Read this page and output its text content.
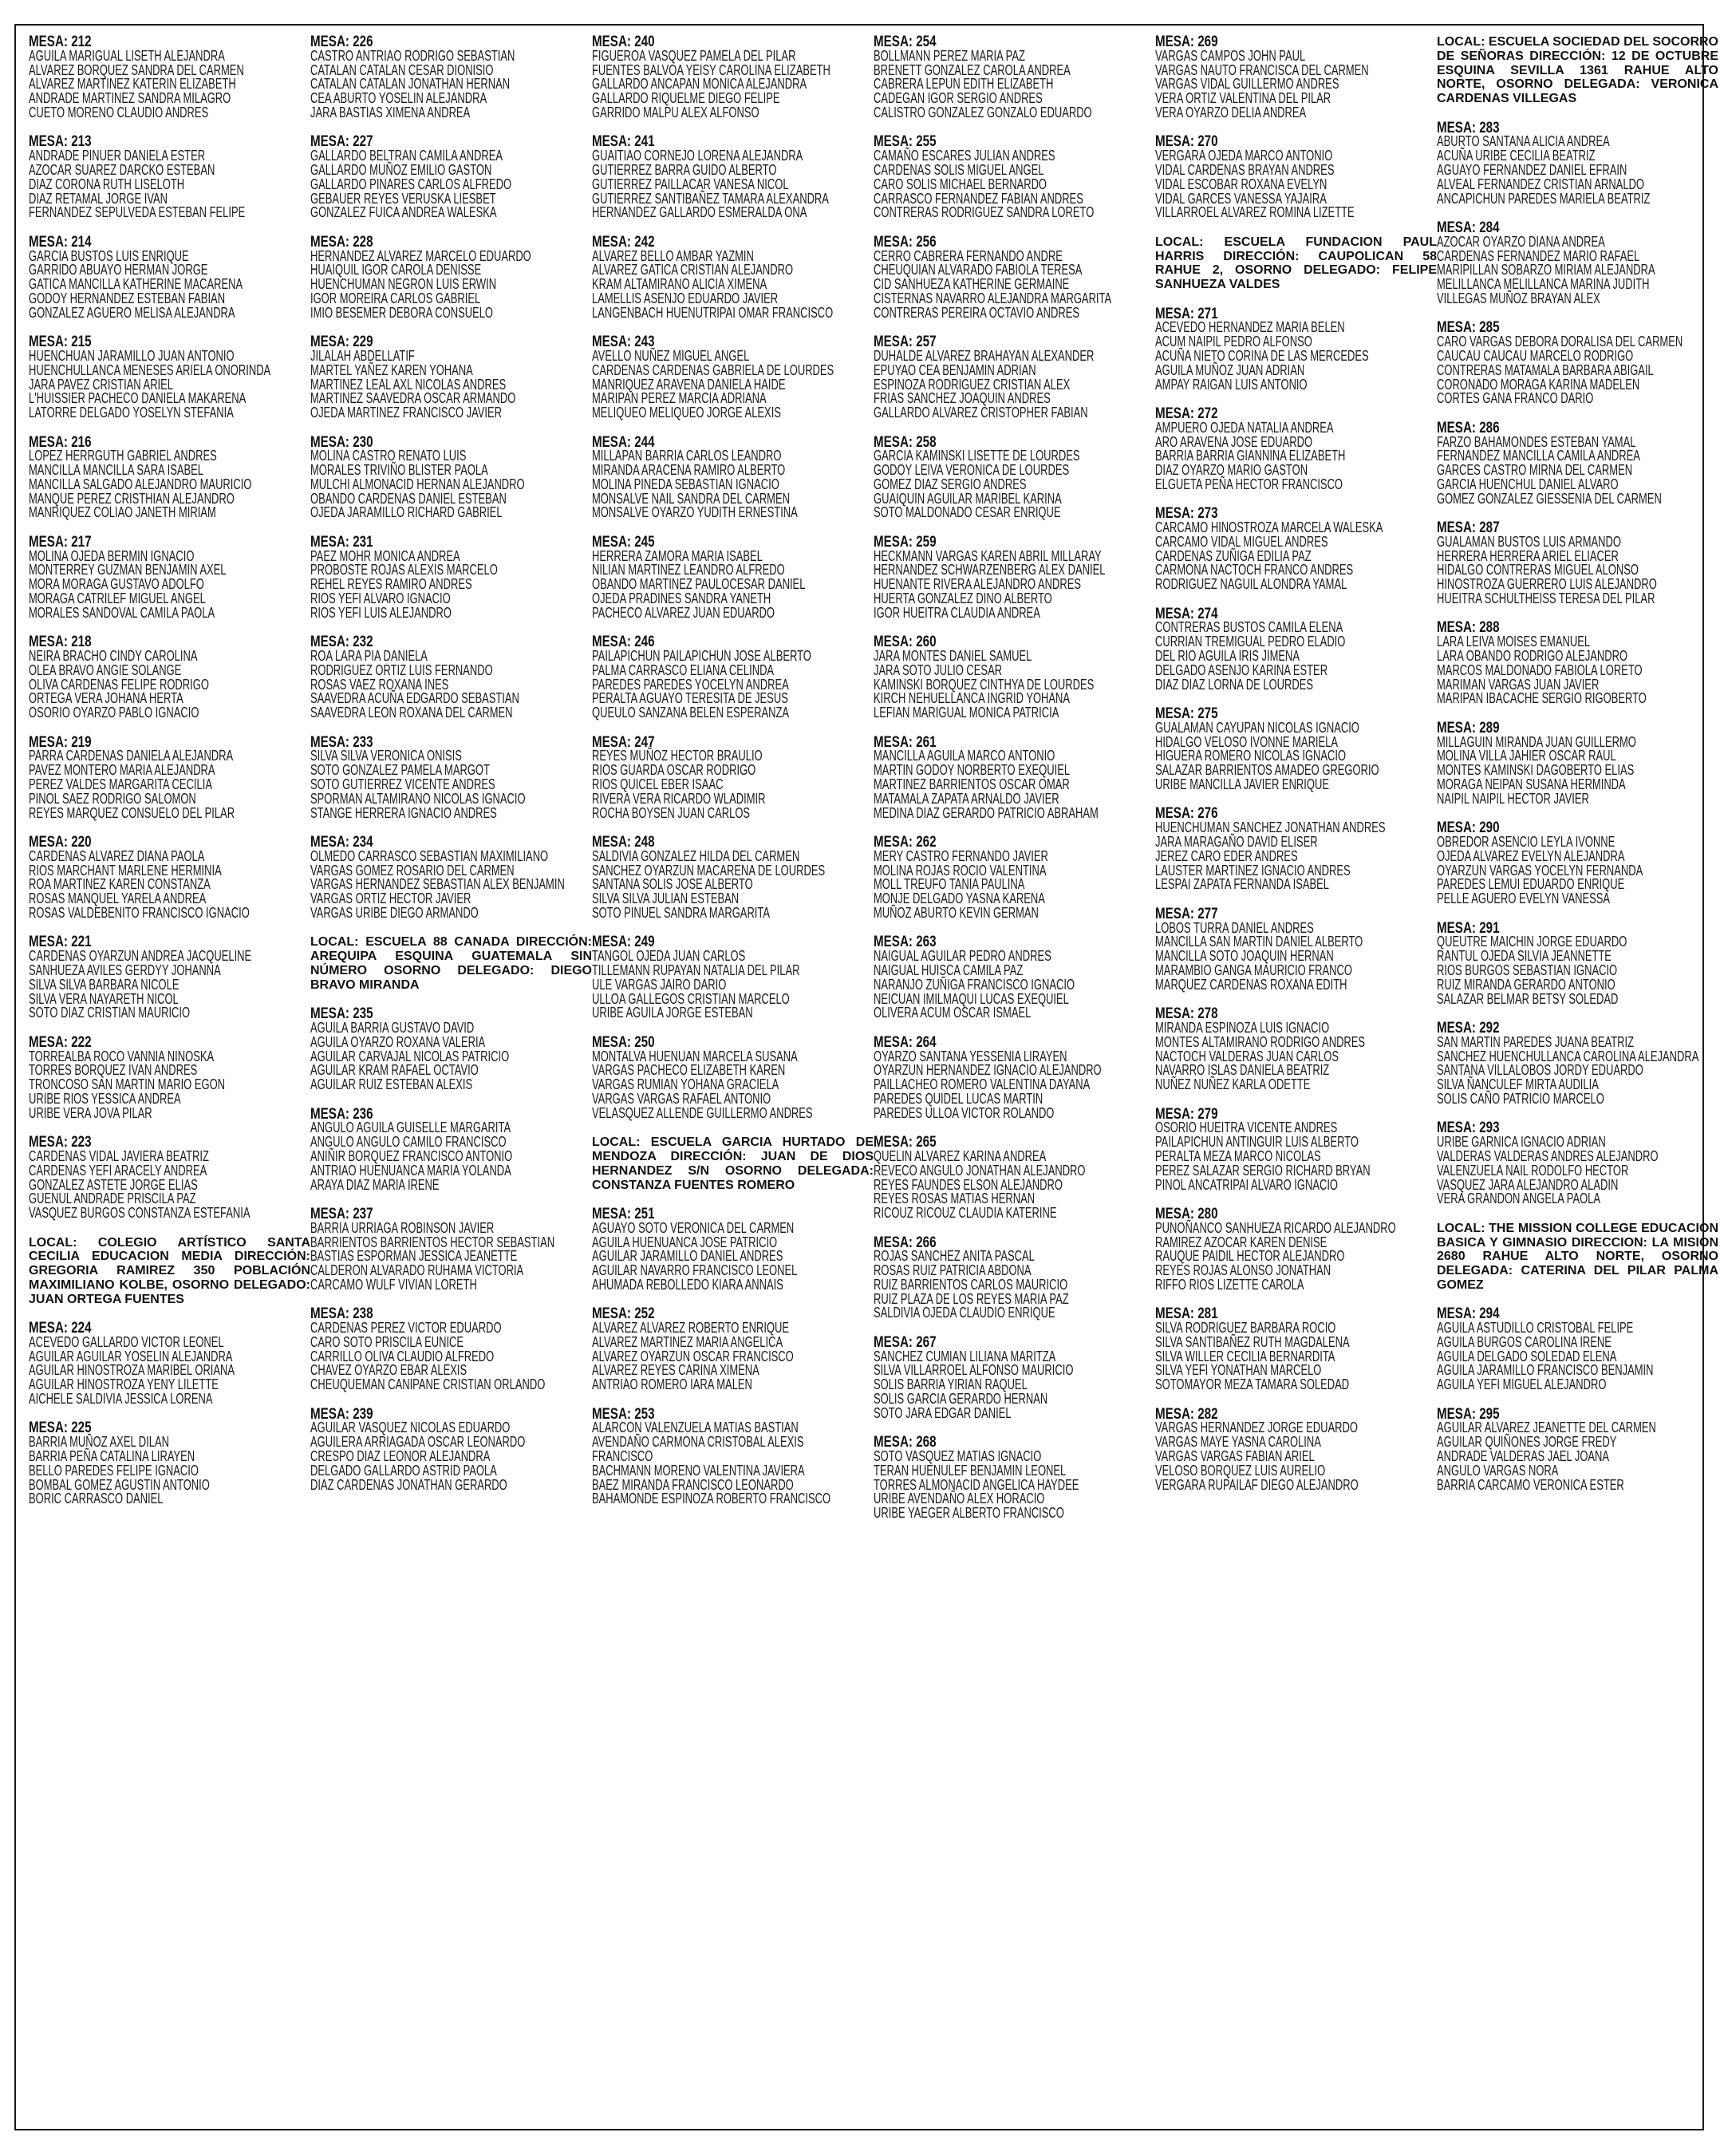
MESA: 212
AGUILA MARIGUAL LISETH ALEJANDRA
ALVAREZ BORQUEZ SANDRA DEL CARMEN
ALVAREZ MARTINEZ KATERIN ELIZABETH
ANDRADE MARTINEZ SANDRA MILAGRO
CUETO MORENO CLAUDIO ANDRES
MESA: 213
ANDRADE PINUER DANIELA ESTER
AZOCAR SUAREZ DARCKO ESTEBAN
DIAZ CORONA RUTH LISELOTH
DIAZ RETAMAL JORGE IVAN
FERNANDEZ SEPULVEDA ESTEBAN FELIPE
MESA: 214
GARCIA BUSTOS LUIS ENRIQUE
GARRIDO ABUAYO HERMAN JORGE
GATICA MANCILLA KATHERINE MACARENA
GODOY HERNANDEZ ESTEBAN FABIAN
GONZALEZ AGUERO MELISA ALEJANDRA
MESA: 215
HUENCHUAN JARAMILLO JUAN ANTONIO
HUENCHULLANCA MENESES ARIELA ONORINDA
JARA PAVEZ CRISTIAN ARIEL
L'HUISSIER PACHECO DANIELA MAKARENA
LATORRE DELGADO YOSELYN STEFANIA
MESA: 216
LOPEZ HERRGUTH GABRIEL ANDRES
MANCILLA MANCILLA SARA ISABEL
MANCILLA SALGADO ALEJANDRO MAURICIO
MANQUE PEREZ CRISTHIAN ALEJANDRO
MANRIQUEZ COLIAO JANETH MIRIAM
MESA: 217
MOLINA OJEDA BERMIN IGNACIO
MONTERREY GUZMAN BENJAMIN AXEL
MORA MORAGA GUSTAVO ADOLFO
MORAGA CATRILEF MIGUEL ANGEL
MORALES SANDOVAL CAMILA PAOLA
MESA: 218
NEIRA BRACHO CINDY CAROLINA
OLEA BRAVO ANGIE SOLANGE
OLIVA CARDENAS FELIPE RODRIGO
ORTEGA VERA JOHANA HERTA
OSORIO OYARZO PABLO IGNACIO
MESA: 219
PARRA CARDENAS DANIELA ALEJANDRA
PAVEZ MONTERO MARIA ALEJANDRA
PEREZ VALDES MARGARITA CECILIA
PINOL SAEZ RODRIGO SALOMON
REYES MARQUEZ CONSUELO DEL PILAR
MESA: 220
CARDENAS ALVAREZ DIANA PAOLA
RIOS MARCHANT MARLENE HERMINIA
ROA MARTINEZ KAREN CONSTANZA
ROSAS MANQUEL YARELA ANDREA
ROSAS VALDEBENITO FRANCISCO IGNACIO
MESA: 221
CARDENAS OYARZUN ANDREA JACQUELINE
SANHUEZA AVILES GERDYY JOHANNA
SILVA SILVA BARBARA NICOLE
SILVA VERA NAYARETH NICOL
SOTO DIAZ CRISTIAN MAURICIO
MESA: 222
TORREALBA ROCO VANNIA NINOSKA
TORRES BORQUEZ IVAN ANDRES
TRONCOSO SAN MARTIN MARIO EGON
URIBE RIOS YESSICA ANDREA
URIBE VERA JOVA PILAR
MESA: 223
CARDENAS VIDAL JAVIERA BEATRIZ
CARDENAS YEFI ARACELY ANDREA
GONZALEZ ASTETE JORGE ELIAS
GUENUL ANDRADE PRISCILA PAZ
VASQUEZ BURGOS CONSTANZA ESTEFANIA
LOCAL: COLEGIO ARTÍSTICO SANTA CECILIA EDUCACION MEDIA DIRECCIÓN: GREGORIA RAMIREZ 350 POBLACIÓN MAXIMILIANO KOLBE, OSORNO DELEGADO: JUAN ORTEGA FUENTES
MESA: 224
ACEVEDO GALLARDO VICTOR LEONEL
AGUILAR AGUILAR YOSELIN ALEJANDRA
AGUILAR HINOSTROZA MARIBEL ORIANA
AGUILAR HINOSTROZA YENY LILETTE
AICHELE SALDIVIA JESSICA LORENA
MESA: 225
BARRIA MUÑOZ AXEL DILAN
BARRIA PEÑA CATALINA LIRAYEN
BELLO PAREDES FELIPE IGNACIO
BOMBAL GOMEZ AGUSTIN ANTONIO
BORIC CARRASCO DANIEL
MESA: 226
CASTRO ANTRIAO RODRIGO SEBASTIAN
CATALAN CATALAN CESAR DIONISIO
CATALAN CATALAN JONATHAN HERNAN
CEA ABURTO YOSELIN ALEJANDRA
JARA BASTIAS XIMENA ANDREA
MESA: 227
GALLARDO BELTRAN CAMILA ANDREA
GALLARDO MUÑOZ EMILIO GASTON
GALLARDO PINARES CARLOS ALFREDO
GEBAUER REYES VERUSKA LIESBET
GONZALEZ FUICA ANDREA WALESKA
MESA: 228
HERNANDEZ ALVAREZ MARCELO EDUARDO
HUAIQUIL IGOR CAROLA DENISSE
HUENCHUMAN NEGRON LUIS ERWIN
IGOR MOREIRA CARLOS GABRIEL
IMIO BESEMER DEBORA CONSUELO
MESA: 229
JILALAH ABDELLATIF
MARTEL YAÑEZ KAREN YOHANA
MARTINEZ LEAL AXL NICOLAS ANDRES
MARTINEZ SAAVEDRA OSCAR ARMANDO
OJEDA MARTINEZ FRANCISCO JAVIER
MESA: 230
MOLINA CASTRO RENATO LUIS
MORALES TRIVIÑO BLISTER PAOLA
MULCHI ALMONACID HERNAN ALEJANDRO
OBANDO CARDENAS DANIEL ESTEBAN
OJEDA JARAMILLO RICHARD GABRIEL
MESA: 231
PAEZ MOHR MONICA ANDREA
PROBOSTE ROJAS ALEXIS MARCELO
REHEL REYES RAMIRO ANDRES
RIOS YEFI ALVARO IGNACIO
RIOS YEFI LUIS ALEJANDRO
MESA: 232
ROA LARA PIA DANIELA
RODRIGUEZ ORTIZ LUIS FERNANDO
ROSAS VAEZ ROXANA INES
SAAVEDRA ACUÑA EDGARDO SEBASTIAN
SAAVEDRA LEON ROXANA DEL CARMEN
MESA: 233
SILVA SILVA VERONICA ONISIS
SOTO GONZALEZ PAMELA MARGOT
SOTO GUTIERREZ VICENTE ANDRES
SPORMAN ALTAMIRANO NICOLAS IGNACIO
STANGE HERRERA IGNACIO ANDRES
MESA: 234
OLMEDO CARRASCO SEBASTIAN MAXIMILIANO
VARGAS GOMEZ ROSARIO DEL CARMEN
VARGAS HERNANDEZ SEBASTIAN ALEX BENJAMIN
VARGAS ORTIZ HECTOR JAVIER
VARGAS URIBE DIEGO ARMANDO
LOCAL: ESCUELA 88 CANADA DIRECCIÓN: AREQUIPA ESQUINA GUATEMALA SIN NÚMERO OSORNO DELEGADO: DIEGO BRAVO MIRANDA
MESA: 235
AGUILA BARRIA GUSTAVO DAVID
AGUILA OYARZO ROXANA VALERIA
AGUILAR CARVAJAL NICOLAS PATRICIO
AGUILAR KRAM RAFAEL OCTAVIO
AGUILAR RUIZ ESTEBAN ALEXIS
MESA: 236
ANGULO AGUILA GUISELLE MARGARITA
ANGULO ANGULO CAMILO FRANCISCO
ANIÑIR BORQUEZ FRANCISCO ANTONIO
ANTRIAO HUENUANCA MARIA YOLANDA
ARAYA DIAZ MARIA IRENE
MESA: 237
BARRIA URRIAGA ROBINSON JAVIER
BARRIENTOS BARRIENTOS HECTOR SEBASTIAN
BASTIAS ESPORMAN JESSICA JEANETTE
CALDERON ALVARADO RUHAMA VICTORIA
CARCAMO WULF VIVIAN LORETH
MESA: 238
CARDENAS PEREZ VICTOR EDUARDO
CARO SOTO PRISCILA EUNICE
CARRILLO OLIVA CLAUDIO ALFREDO
CHAVEZ OYARZO EBAR ALEXIS
CHEUQUEMAN CANIPANE CRISTIAN ORLANDO
MESA: 239
AGUILAR VASQUEZ NICOLAS EDUARDO
AGUILERA ARRIAGADA OSCAR LEONARDO
CRESPO DIAZ LEONOR ALEJANDRA
DELGADO GALLARDO ASTRID PAOLA
DIAZ CARDENAS JONATHAN GERARDO
MESA: 240
FIGUEROA VASQUEZ PAMELA DEL PILAR
FUENTES BALVOA YEISY CAROLINA ELIZABETH
GALLARDO ANCAPAN MONICA ALEJANDRA
GALLARDO RIQUELME DIEGO FELIPE
GARRIDO MALPU ALEX ALFONSO
MESA: 241
GUAITIAO CORNEJO LORENA ALEJANDRA
GUTIERREZ BARRA GUIDO ALBERTO
GUTIERREZ PAILLACAR VANESA NICOL
GUTIERREZ SANTIBAÑEZ TAMARA ALEXANDRA
HERNANDEZ GALLARDO ESMERALDA ONA
MESA: 242
ALVAREZ BELLO AMBAR YAZMIN
ALVAREZ GATICA CRISTIAN ALEJANDRO
KRAM ALTAMIRANO ALICIA XIMENA
LAMELLIS ASENJO EDUARDO JAVIER
LANGENBACH HUENUTRIPAI OMAR FRANCISCO
MESA: 243
AVELLO NUÑEZ MIGUEL ANGEL
CARDENAS CARDENAS GABRIELA DE LOURDES
MANRIQUEZ ARAVENA DANIELA HAIDE
MARIPAN PEREZ MARCIA ADRIANA
MELIQUEO MELIQUEO JORGE ALEXIS
MESA: 244
MILLAPAN BARRIA CARLOS LEANDRO
MIRANDA ARACENA RAMIRO ALBERTO
MOLINA PINEDA SEBASTIAN IGNACIO
MONSALVE NAIL SANDRA DEL CARMEN
MONSALVE OYARZO YUDITH ERNESTINA
MESA: 245
HERRERA ZAMORA MARIA ISABEL
NILIAN MARTINEZ LEANDRO ALFREDO
OBANDO MARTINEZ PAULOCESAR DANIEL
OJEDA PRADINES SANDRA YANETH
PACHECO ALVAREZ JUAN EDUARDO
MESA: 246
PAILAPICHUN PAILAPICHUN JOSE ALBERTO
PALMA CARRASCO ELIANA CELINDA
PAREDES PAREDES YOCELYN ANDREA
PERALTA AGUAYO TERESITA DE JESUS
QUEULO SANZANA BELEN ESPERANZA
MESA: 247
REYES MUÑOZ HECTOR BRAULIO
RIOS GUARDA OSCAR RODRIGO
RIOS QUICEL EBER ISAAC
RIVERA VERA RICARDO WLADIMIR
ROCHA BOYSEN JUAN CARLOS
MESA: 248
SALDIVIA GONZALEZ HILDA DEL CARMEN
SANCHEZ OYARZUN MACARENA DE LOURDES
SANTANA SOLIS JOSE ALBERTO
SILVA SILVA JULIAN ESTEBAN
SOTO PINUEL SANDRA MARGARITA
MESA: 249
TANGOL OJEDA JUAN CARLOS
TILLEMANN RUPAYAN NATALIA DEL PILAR
ULE VARGAS JAIRO DARIO
ULLOA GALLEGOS CRISTIAN MARCELO
URIBE AGUILA JORGE ESTEBAN
MESA: 250
MONTALVA HUENUAN MARCELA SUSANA
VARGAS PACHECO ELIZABETH KAREN
VARGAS RUMIAN YOHANA GRACIELA
VARGAS VARGAS RAFAEL ANTONIO
VELASQUEZ ALLENDE GUILLERMO ANDRES
LOCAL: ESCUELA GARCIA HURTADO DE MENDOZA DIRECCIÓN: JUAN DE DIOS HERNANDEZ S/N OSORNO DELEGADA: CONSTANZA FUENTES ROMERO
MESA: 251
AGUAYO SOTO VERONICA DEL CARMEN
AGUILA HUENUANCA JOSE PATRICIO
AGUILAR JARAMILLO DANIEL ANDRES
AGUILAR NAVARRO FRANCISCO LEONEL
AHUMADA REBOLLEDO KIARA ANNAIS
MESA: 252
ALVAREZ ALVAREZ ROBERTO ENRIQUE
ALVAREZ MARTINEZ MARIA ANGELICA
ALVAREZ OYARZUN OSCAR FRANCISCO
ALVAREZ REYES CARINA XIMENA
ANTRIAO ROMERO IARA MALEN
MESA: 253
ALARCON VALENZUELA MATIAS BASTIAN
AVENDAÑO CARMONA CRISTOBAL ALEXIS
FRANCISCO
BACHMANN MORENO VALENTINA JAVIERA
BAEZ MIRANDA FRANCISCO LEONARDO
BAHAMONDE ESPINOZA ROBERTO FRANCISCO
MESA: 254
BOLLMANN PEREZ MARIA PAZ
BRENETT GONZALEZ CAROLA ANDREA
CABRERA LEPUN EDITH ELIZABETH
CADEGAN IGOR SERGIO ANDRES
CALISTRO GONZALEZ GONZALO EDUARDO
MESA: 255
CAMAÑO ESCARES JULIAN ANDRES
CARDENAS SOLIS MIGUEL ANGEL
CARO SOLIS MICHAEL BERNARDO
CARRASCO FERNANDEZ FABIAN ANDRES
CONTRERAS RODRIGUEZ SANDRA LORETO
MESA: 256
CERRO CABRERA FERNANDO ANDRE
CHEUQUIAN ALVARADO FABIOLA TERESA
CID SANHUEZA KATHERINE GERMAINE
CISTERNAS NAVARRO ALEJANDRA MARGARITA
CONTRERAS PEREIRA OCTAVIO ANDRES
MESA: 257
DUHALDE ALVAREZ BRAHAYAN ALEXANDER
EPUYAO CEA BENJAMIN ADRIAN
ESPINOZA RODRIGUEZ CRISTIAN ALEX
FRIAS SANCHEZ JOAQUIN ANDRES
GALLARDO ALVAREZ CRISTOPHER FABIAN
MESA: 258
GARCIA KAMINSKI LISETTE DE LOURDES
GODOY LEIVA VERONICA DE LOURDES
GOMEZ DIAZ SERGIO ANDRES
GUAIQUIN AGUILAR MARIBEL KARINA
SOTO MALDONADO CESAR ENRIQUE
MESA: 259
HECKMANN VARGAS KAREN ABRIL MILLARAY
HERNANDEZ SCHWARZENBERG ALEX DANIEL
HUENANTE RIVERA ALEJANDRO ANDRES
HUERTA GONZALEZ DINO ALBERTO
IGOR HUEITRA CLAUDIA ANDREA
MESA: 260
JARA MONTES DANIEL SAMUEL
JARA SOTO JULIO CESAR
KAMINSKI BORQUEZ CINTHYA DE LOURDES
KIRCH NEHUELLANCA INGRID YOHANA
LEFIAN MARIGUAL MONICA PATRICIA
MESA: 261
MANCILLA AGUILA MARCO ANTONIO
MARTIN GODOY NORBERTO EXEQUIEL
MARTINEZ BARRIENTOS OSCAR OMAR
MATAMALA ZAPATA ARNALDO JAVIER
MEDINA DIAZ GERARDO PATRICIO ABRAHAM
MESA: 262
MERY CASTRO FERNANDO JAVIER
MOLINA ROJAS ROCIO VALENTINA
MOLL TREUFO TANIA PAULINA
MONJE DELGADO YASNA KARENA
MUÑOZ ABURTO KEVIN GERMAN
MESA: 263
NAIGUAL AGUILAR PEDRO ANDRES
NAIGUAL HUISCA CAMILA PAZ
NARANJO ZUÑIGA FRANCISCO IGNACIO
NEICUAN IMILMAQUI LUCAS EXEQUIEL
OLIVERA ACUM OSCAR ISMAEL
MESA: 264
OYARZO SANTANA YESSENIA LIRAYEN
OYARZUN HERNANDEZ IGNACIO ALEJANDRO
PAILLACHEO ROMERO VALENTINA DAYANA
PAREDES QUIDEL LUCAS MARTIN
PAREDES ULLOA VICTOR ROLANDO
MESA: 265
QUELIN ALVAREZ KARINA ANDREA
REVECO ANGULO JONATHAN ALEJANDRO
REYES FAUNDES ELSON ALEJANDRO
REYES ROSAS MATIAS HERNAN
RICOUZ RICOUZ CLAUDIA KATERINE
MESA: 266
ROJAS SANCHEZ ANITA PASCAL
ROSAS RUIZ PATRICIA ABDONA
RUIZ BARRIENTOS CARLOS MAURICIO
RUIZ PLAZA DE LOS REYES MARIA PAZ
SALDIVIA OJEDA CLAUDIO ENRIQUE
MESA: 267
SANCHEZ CUMIAN LILIANA MARITZA
SILVA VILLARROEL ALFONSO MAURICIO
SOLIS BARRIA YIRIAN RAQUEL
SOLIS GARCIA GERARDO HERNAN
SOTO JARA EDGAR DANIEL
MESA: 268
SOTO VASQUEZ MATIAS IGNACIO
TERAN HUENULEF BENJAMIN LEONEL
TORRES ALMONACID ANGELICA HAYDEE
URIBE AVENDAÑO ALEX HORACIO
URIBE YAEGER ALBERTO FRANCISCO
MESA: 269
VARGAS CAMPOS JOHN PAUL
VARGAS NAUTO FRANCISCA DEL CARMEN
VARGAS VIDAL GUILLERMO ANDRES
VERA ORTIZ VALENTINA DEL PILAR
VERA OYARZO DELIA ANDREA
MESA: 270
VERGARA OJEDA MARCO ANTONIO
VIDAL CARDENAS BRAYAN ANDRES
VIDAL ESCOBAR ROXANA EVELYN
VIDAL GARCES VANESSA YAJAIRA
VILLARROEL ALVAREZ ROMINA LIZETTE
LOCAL: ESCUELA FUNDACION PAUL HARRIS DIRECCIÓN: CAUPOLICAN 58 RAHUE 2, OSORNO DELEGADO: FELIPE SANHUEZA VALDES
MESA: 271
ACEVEDO HERNANDEZ MARIA BELEN
ACUM NAIPIL PEDRO ALFONSO
ACUÑA NIETO CORINA DE LAS MERCEDES
AGUILA MUÑOZ JUAN ADRIAN
AMPAY RAIGAN LUIS ANTONIO
MESA: 272
AMPUERO OJEDA NATALIA ANDREA
ARO ARAVENA JOSE EDUARDO
BARRIA BARRIA GIANNINA ELIZABETH
DIAZ OYARZO MARIO GASTON
ELGUETA PEÑA HECTOR FRANCISCO
MESA: 273
CARCAMO HINOSTROZA MARCELA WALESKA
CARCAMO VIDAL MIGUEL ANDRES
CARDENAS ZUÑIGA EDILIA PAZ
CARMONA NACTOCH FRANCO ANDRES
RODRIGUEZ NAGUIL ALONDRA YAMAL
MESA: 274
CONTRERAS BUSTOS CAMILA ELENA
CURRIAN TREMIGUAL PEDRO ELADIO
DEL RIO AGUILA IRIS JIMENA
DELGADO ASENJO KARINA ESTER
DIAZ DIAZ LORNA DE LOURDES
MESA: 275
GUALAMAN CAYUPAN NICOLAS IGNACIO
HIDALGO VELOSO IVONNE MARIELA
HIGUERA ROMERO NICOLAS IGNACIO
SALAZAR BARRIENTOS AMADEO GREGORIO
URIBE MANCILLA JAVIER ENRIQUE
MESA: 276
HUENCHUMAN SANCHEZ JONATHAN ANDRES
JARA MARAGAÑO DAVID ELISER
JEREZ CARO EDER ANDRES
LAUSTER MARTINEZ IGNACIO ANDRES
LESPAI ZAPATA FERNANDA ISABEL
MESA: 277
LOBOS TURRA DANIEL ANDRES
MANCILLA SAN MARTIN DANIEL ALBERTO
MANCILLA SOTO JOAQUIN HERNAN
MARAMBIO GANGA MAURICIO FRANCO
MARQUEZ CARDENAS ROXANA EDITH
MESA: 278
MIRANDA ESPINOZA LUIS IGNACIO
MONTES ALTAMIRANO RODRIGO ANDRES
NACTOCH VALDERAS JUAN CARLOS
NAVARRO ISLAS DANIELA BEATRIZ
NUÑEZ NUÑEZ KARLA ODETTE
MESA: 279
OSORIO HUEITRA VICENTE ANDRES
PAILAPICHUN ANTINGUIR LUIS ALBERTO
PERALTA MEZA MARCO NICOLAS
PEREZ SALAZAR SERGIO RICHARD BRYAN
PINOL ANCATRIPAI ALVARO IGNACIO
MESA: 280
PUNOÑANCO SANHUEZA RICARDO ALEJANDRO
RAMIREZ AZOCAR KAREN DENISE
RAUQUE PAIDIL HECTOR ALEJANDRO
REYES ROJAS ALONSO JONATHAN
RIFFO RIOS LIZETTE CAROLA
MESA: 281
SILVA RODRIGUEZ BARBARA ROCIO
SILVA SANTIBAÑEZ RUTH MAGDALENA
SILVA WILLER CECILIA BERNARDITA
SILVA YEFI YONATHAN MARCELO
SOTOMAYOR MEZA TAMARA SOLEDAD
MESA: 282
VARGAS HERNANDEZ JORGE EDUARDO
VARGAS MAYE YASNA CAROLINA
VARGAS VARGAS FABIAN ARIEL
VELOSO BORQUEZ LUIS AURELIO
VERGARA RUPAILAF DIEGO ALEJANDRO
LOCAL: ESCUELA SOCIEDAD DEL SOCORRO DE SEÑORAS DIRECCIÓN: 12 DE OCTUBRE ESQUINA SEVILLA 1361 RAHUE ALTO NORTE, OSORNO DELEGADA: VERONICA CARDENAS VILLEGAS
MESA: 283
ABURTO SANTANA ALICIA ANDREA
ACUÑA URIBE CECILIA BEATRIZ
AGUAYO FERNANDEZ DANIEL EFRAIN
ALVEAL FERNANDEZ CRISTIAN ARNALDO
ANCAPICHUN PAREDES MARIELA BEATRIZ
MESA: 284
AZOCAR OYARZO DIANA ANDREA
CARDENAS FERNANDEZ MARIO RAFAEL
MARIPILLAN SOBARZO MIRIAM ALEJANDRA
MELILLANCA MELILLANCA MARINA JUDITH
VILLEGAS MUÑOZ BRAYAN ALEX
MESA: 285
CARO VARGAS DEBORA DORALISA DEL CARMEN
CAUCAU CAUCAU MARCELO RODRIGO
CONTRERAS MATAMALA BARBARA ABIGAIL
CORONADO MORAGA KARINA MADELEN
CORTES GANA FRANCO DARIO
MESA: 286
FARZO BAHAMONDES ESTEBAN YAMAL
FERNANDEZ MANCILLA CAMILA ANDREA
GARCES CASTRO MIRNA DEL CARMEN
GARCIA HUENCHUL DANIEL ALVARO
GOMEZ GONZALEZ GIESSENIA DEL CARMEN
MESA: 287
GUALAMAN BUSTOS LUIS ARMANDO
HERRERA HERRERA ARIEL ELIACER
HIDALGO CONTRERAS MIGUEL ALONSO
HINOSTROZA GUERRERO LUIS ALEJANDRO
HUEITRA SCHULTHEISS TERESA DEL PILAR
MESA: 288
LARA LEIVA MOISES EMANUEL
LARA OBANDO RODRIGO ALEJANDRO
MARCOS MALDONADO FABIOLA LORETO
MARIMAN VARGAS JUAN JAVIER
MARIPAN IBACACHE SERGIO RIGOBERTO
MESA: 289
MILLAGUIN MIRANDA JUAN GUILLERMO
MOLINA VILLA JAHIER OSCAR RAUL
MONTES KAMINSKI DAGOBERTO ELIAS
MORAGA NEIPAN SUSANA HERMINDA
NAIPIL NAIPIL HECTOR JAVIER
MESA: 290
OBREDOR ASENCIO LEYLA IVONNE
OJEDA ALVAREZ EVELYN ALEJANDRA
OYARZUN VARGAS YOCELYN FERNANDA
PAREDES LEMUI EDUARDO ENRIQUE
PELLE AGUERO EVELYN VANESSA
MESA: 291
QUEUTRE MAICHIN JORGE EDUARDO
RANTUL OJEDA SILVIA JEANNETTE
RIOS BURGOS SEBASTIAN IGNACIO
RUIZ MIRANDA GERARDO ANTONIO
SALAZAR BELMAR BETSY SOLEDAD
MESA: 292
SAN MARTIN PAREDES JUANA BEATRIZ
SANCHEZ HUENCHULLANCA CAROLINA ALEJANDRA
SANTANA VILLALOBOS JORDY EDUARDO
SILVA ÑANCULEF MIRTA AUDILIA
SOLIS CAÑO PATRICIO MARCELO
MESA: 293
URIBE GARNICA IGNACIO ADRIAN
VALDERAS VALDERAS ANDRES ALEJANDRO
VALENZUELA NAIL RODOLFO HECTOR
VASQUEZ JARA ALEJANDRO ALADIN
VERA GRANDON ANGELA PAOLA
LOCAL: THE MISSION COLLEGE EDUCACION BASICA Y GIMNASIO DIRECCION: LA MISION 2680 RAHUE ALTO NORTE, OSORNO DELEGADA: CATERINA DEL PILAR PALMA GOMEZ
MESA: 294
AGUILA ASTUDILLO CRISTOBAL FELIPE
AGUILA BURGOS CAROLINA IRENE
AGUILA DELGADO SOLEDAD ELENA
AGUILA JARAMILLO FRANCISCO BENJAMIN
AGUILA YEFI MIGUEL ALEJANDRO
MESA: 295
AGUILAR ALVAREZ JEANETTE DEL CARMEN
AGUILAR QUIÑONES JORGE FREDY
ANDRADE VALDERAS JAEL JOANA
ANGULO VARGAS NORA
BARRIA CARCAMO VERONICA ESTER
